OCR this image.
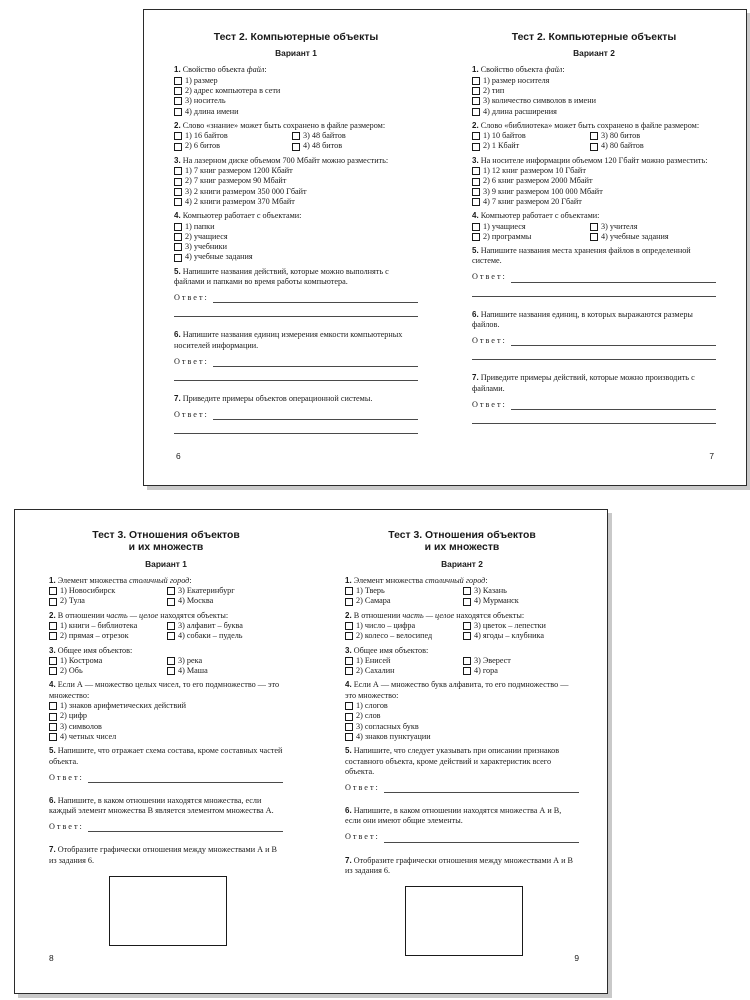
Тест 2. Компьютерные объекты
Вариант 1
1. Свойство объекта файл:
1) размер
2) адрес компьютера в сети
3) носитель
4) длина имени
2. Слово «знание» может быть сохранено в файле размером:
1) 16 байтов	3) 48 байтов
2) 6 битов	4) 48 битов
3. На лазерном диске объемом 700 Мбайт можно разместить:
1) 7 книг размером 1200 Кбайт
2) 7 книг размером 90 Мбайт
3) 2 книги размером 350 000 Гбайт
4) 2 книги размером 370 Мбайт
4. Компьютер работает с объектами:
1) папки
2) учащиеся
3) учебники
4) учебные задания
5. Напишите названия действий, которые можно выполнять с файлами и папками во время работы компьютера.
Ответ:
6. Напишите названия единиц измерения емкости компьютерных носителей информации.
Ответ:
7. Приведите примеры объектов операционной системы.
Ответ:
6
Тест 2. Компьютерные объекты
Вариант 2
1. Свойство объекта файл:
1) размер носителя
2) тип
3) количество символов в имени
4) длина расширения
2. Слово «библиотека» может быть сохранено в файле размером:
1) 10 байтов	3) 80 битов
2) 1 Кбайт	4) 80 байтов
3. На носителе информации объемом 120 Гбайт можно разместить:
1) 12 книг размером 10 Гбайт
2) 6 книг размером 2000 Мбайт
3) 9 книг размером 100 000 Мбайт
4) 7 книг размером 20 Гбайт
4. Компьютер работает с объектами:
1) учащиеся	3) учителя
2) программы	4) учебные задания
5. Напишите названия места хранения файлов в определенной системе.
Ответ:
6. Напишите названия единиц, в которых выражаются размеры файлов.
Ответ:
7. Приведите примеры действий, которые можно производить с файлами.
Ответ:
7
Тест 3. Отношения объектов
и их множеств
Вариант 1
1. Элемент множества столичный город:
1) Новосибирск	3) Екатеринбург
2) Тула	4) Москва
2. В отношении часть — целое находятся объекты:
1) книги – библиотека	3) алфавит – буква
2) прямая – отрезок	4) собаки – пудель
3. Общее имя объектов:
1) Кострома	3) река
2) Обь	4) Маша
4. Если А — множество целых чисел, то его подмножество — это множество:
1) знаков арифметических действий
2) цифр
3) символов
4) четных чисел
5. Напишите, что отражает схема состава, кроме составных частей объекта.
Ответ:
6. Напишите, в каком отношении находятся множества, если каждый элемент множества В является элементом множества А.
Ответ:
7. Отобразите графически отношения между множествами А и В из задания 6.
8
Тест 3. Отношения объектов
и их множеств
Вариант 2
1. Элемент множества столичный город:
1) Тверь	3) Казань
2) Самара	4) Мурманск
2. В отношении часть — целое находятся объекты:
1) число – цифра	3) цветок – лепестки
2) колесо – велосипед	4) ягоды – клубника
3. Общее имя объектов:
1) Енисей	3) Эверест
2) Сахалин	4) гора
4. Если А — множество букв алфавита, то его подмножество — это множество:
1) слогов
2) слов
3) согласных букв
4) знаков пунктуации
5. Напишите, что следует указывать при описании признаков составного объекта, кроме действий и характеристик всего объекта.
Ответ:
6. Напишите, в каком отношении находятся множества А и В, если они имеют общие элементы.
Ответ:
7. Отобразите графически отношения между множествами А и В из задания 6.
9
